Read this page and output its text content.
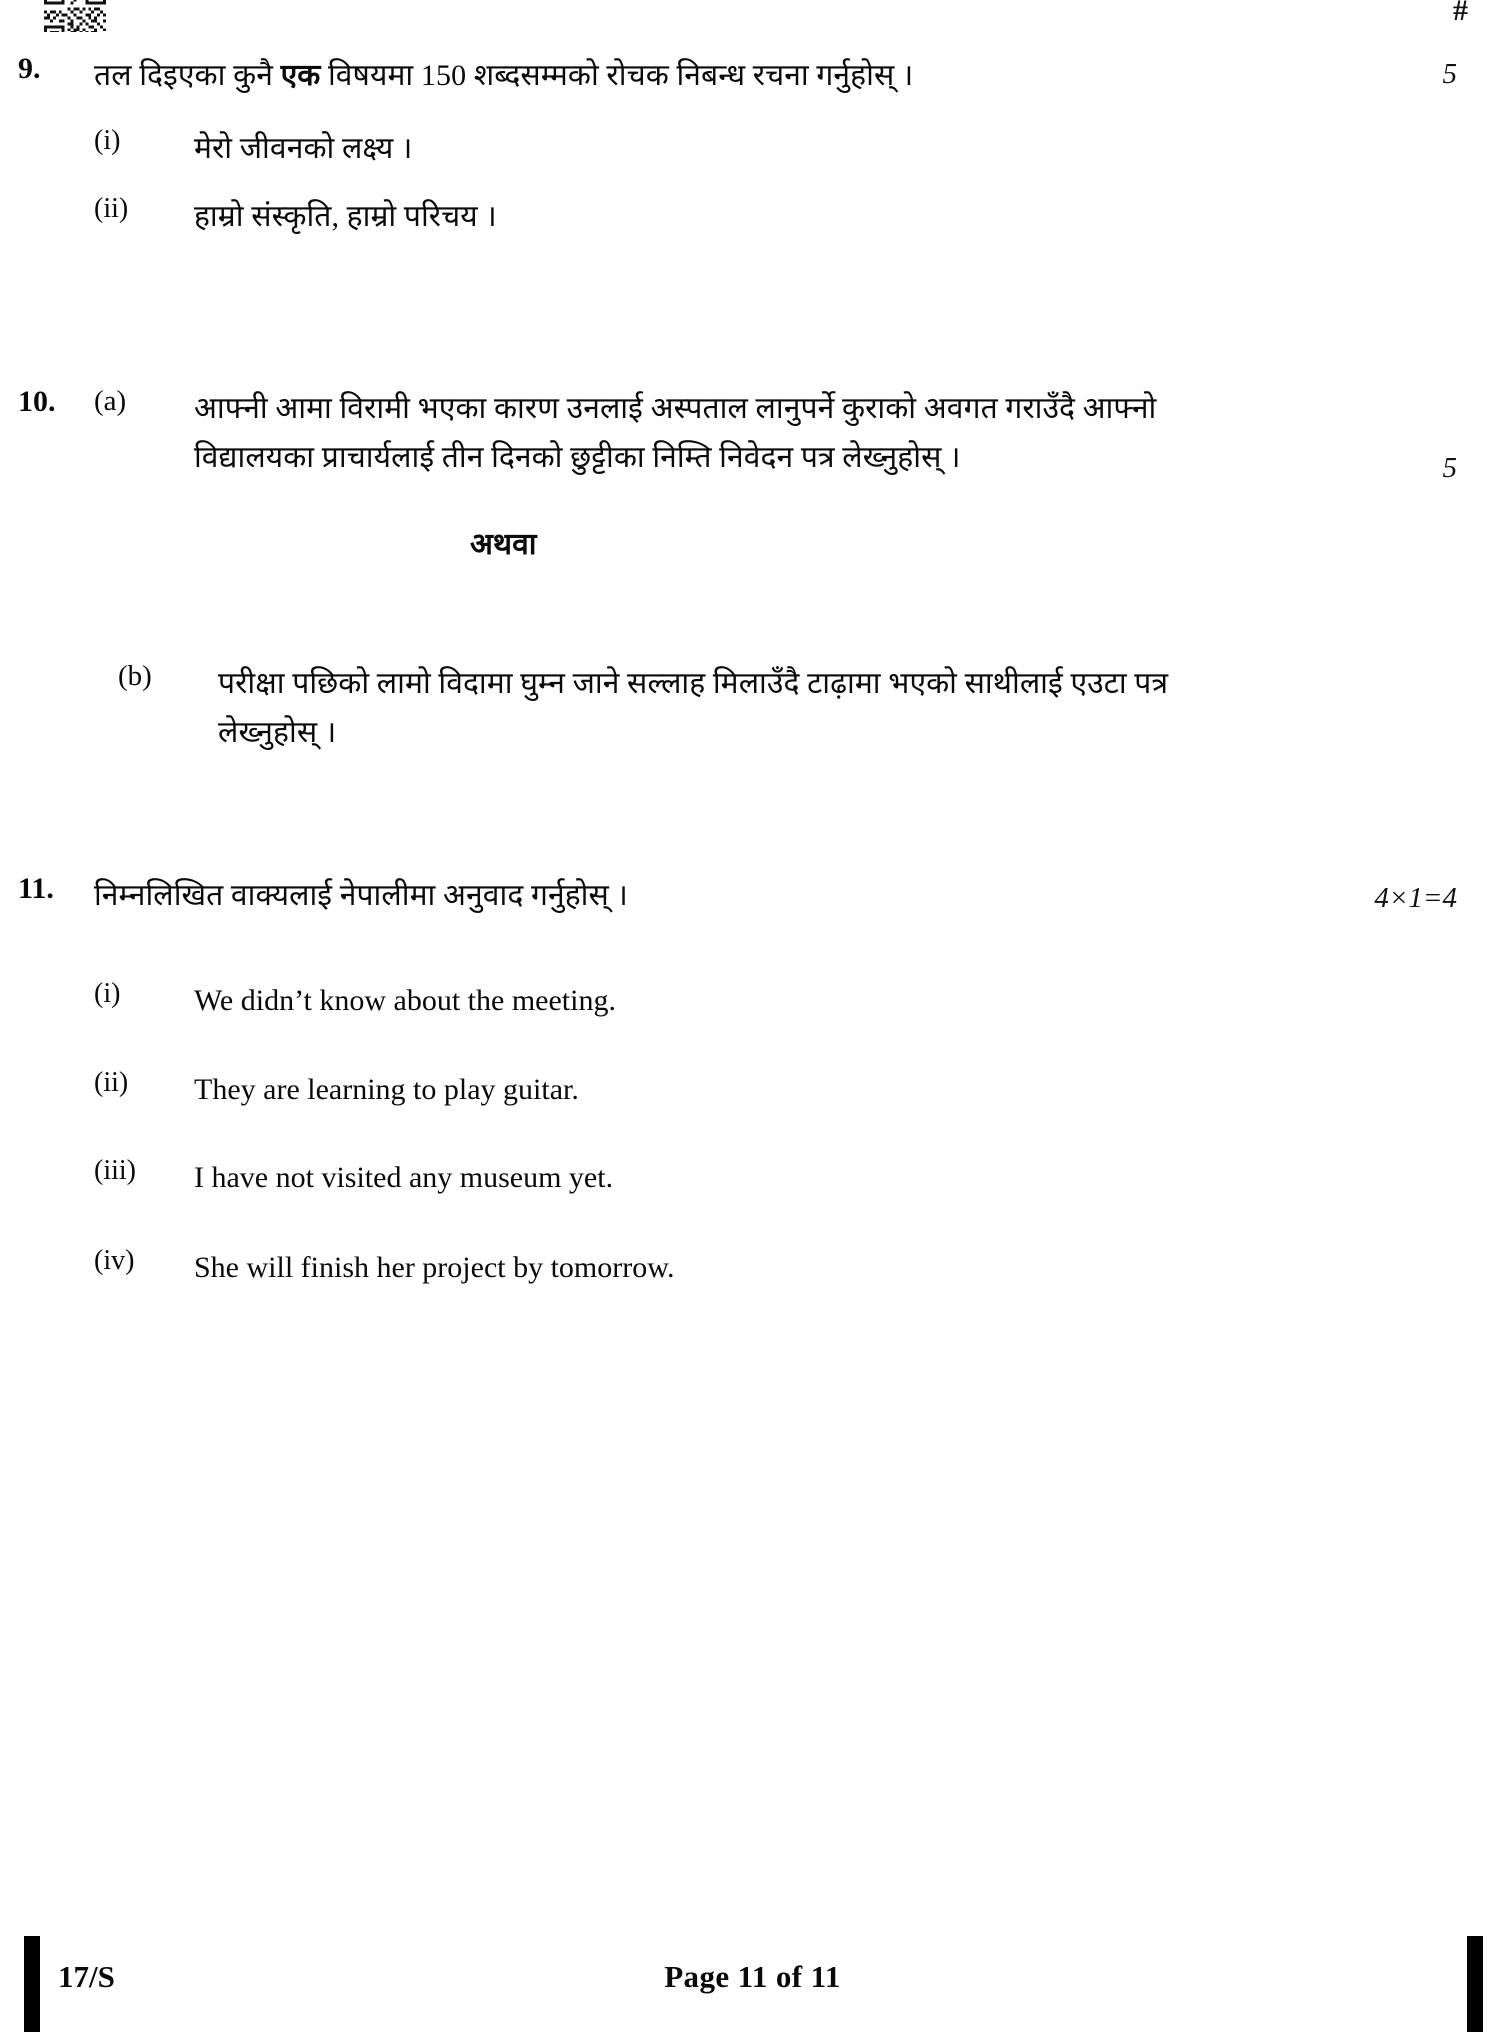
#
9.	तल दिइएका कुनै एक विषयमा 150 शब्दसम्मको रोचक निबन्ध रचना गर्नुहोस् ।	5
(i)	मेरो जीवनको लक्ष्य ।
(ii)	हाम्रो संस्कृति, हाम्रो परिचय ।
10.	(a)	आफ्नी आमा विरामी भएका कारण उनलाई अस्पताल लानुपर्ने कुराको अवगत गराउँदै आफ्नो
विद्यालयका प्राचार्यलाई तीन दिनको छुट्टीका निम्ति निवेदन पत्र लेख्नुहोस् ।	5
अथवा
(b)	परीक्षा पछिको लामो विदामा घुम्न जाने सल्लाह मिलाउँदै टाढ़ामा भएको साथीलाई एउटा पत्र
लेख्नुहोस् ।
11.	निम्नलिखित वाक्यलाई नेपालीमा अनुवाद गर्नुहोस् ।	4×1=4
(i)	We didn’t know about the meeting.
(ii)	They are learning to play guitar.
(iii)	I have not visited any museum yet.
(iv)	She will finish her project by tomorrow.
17/S	Page 11 of 11
